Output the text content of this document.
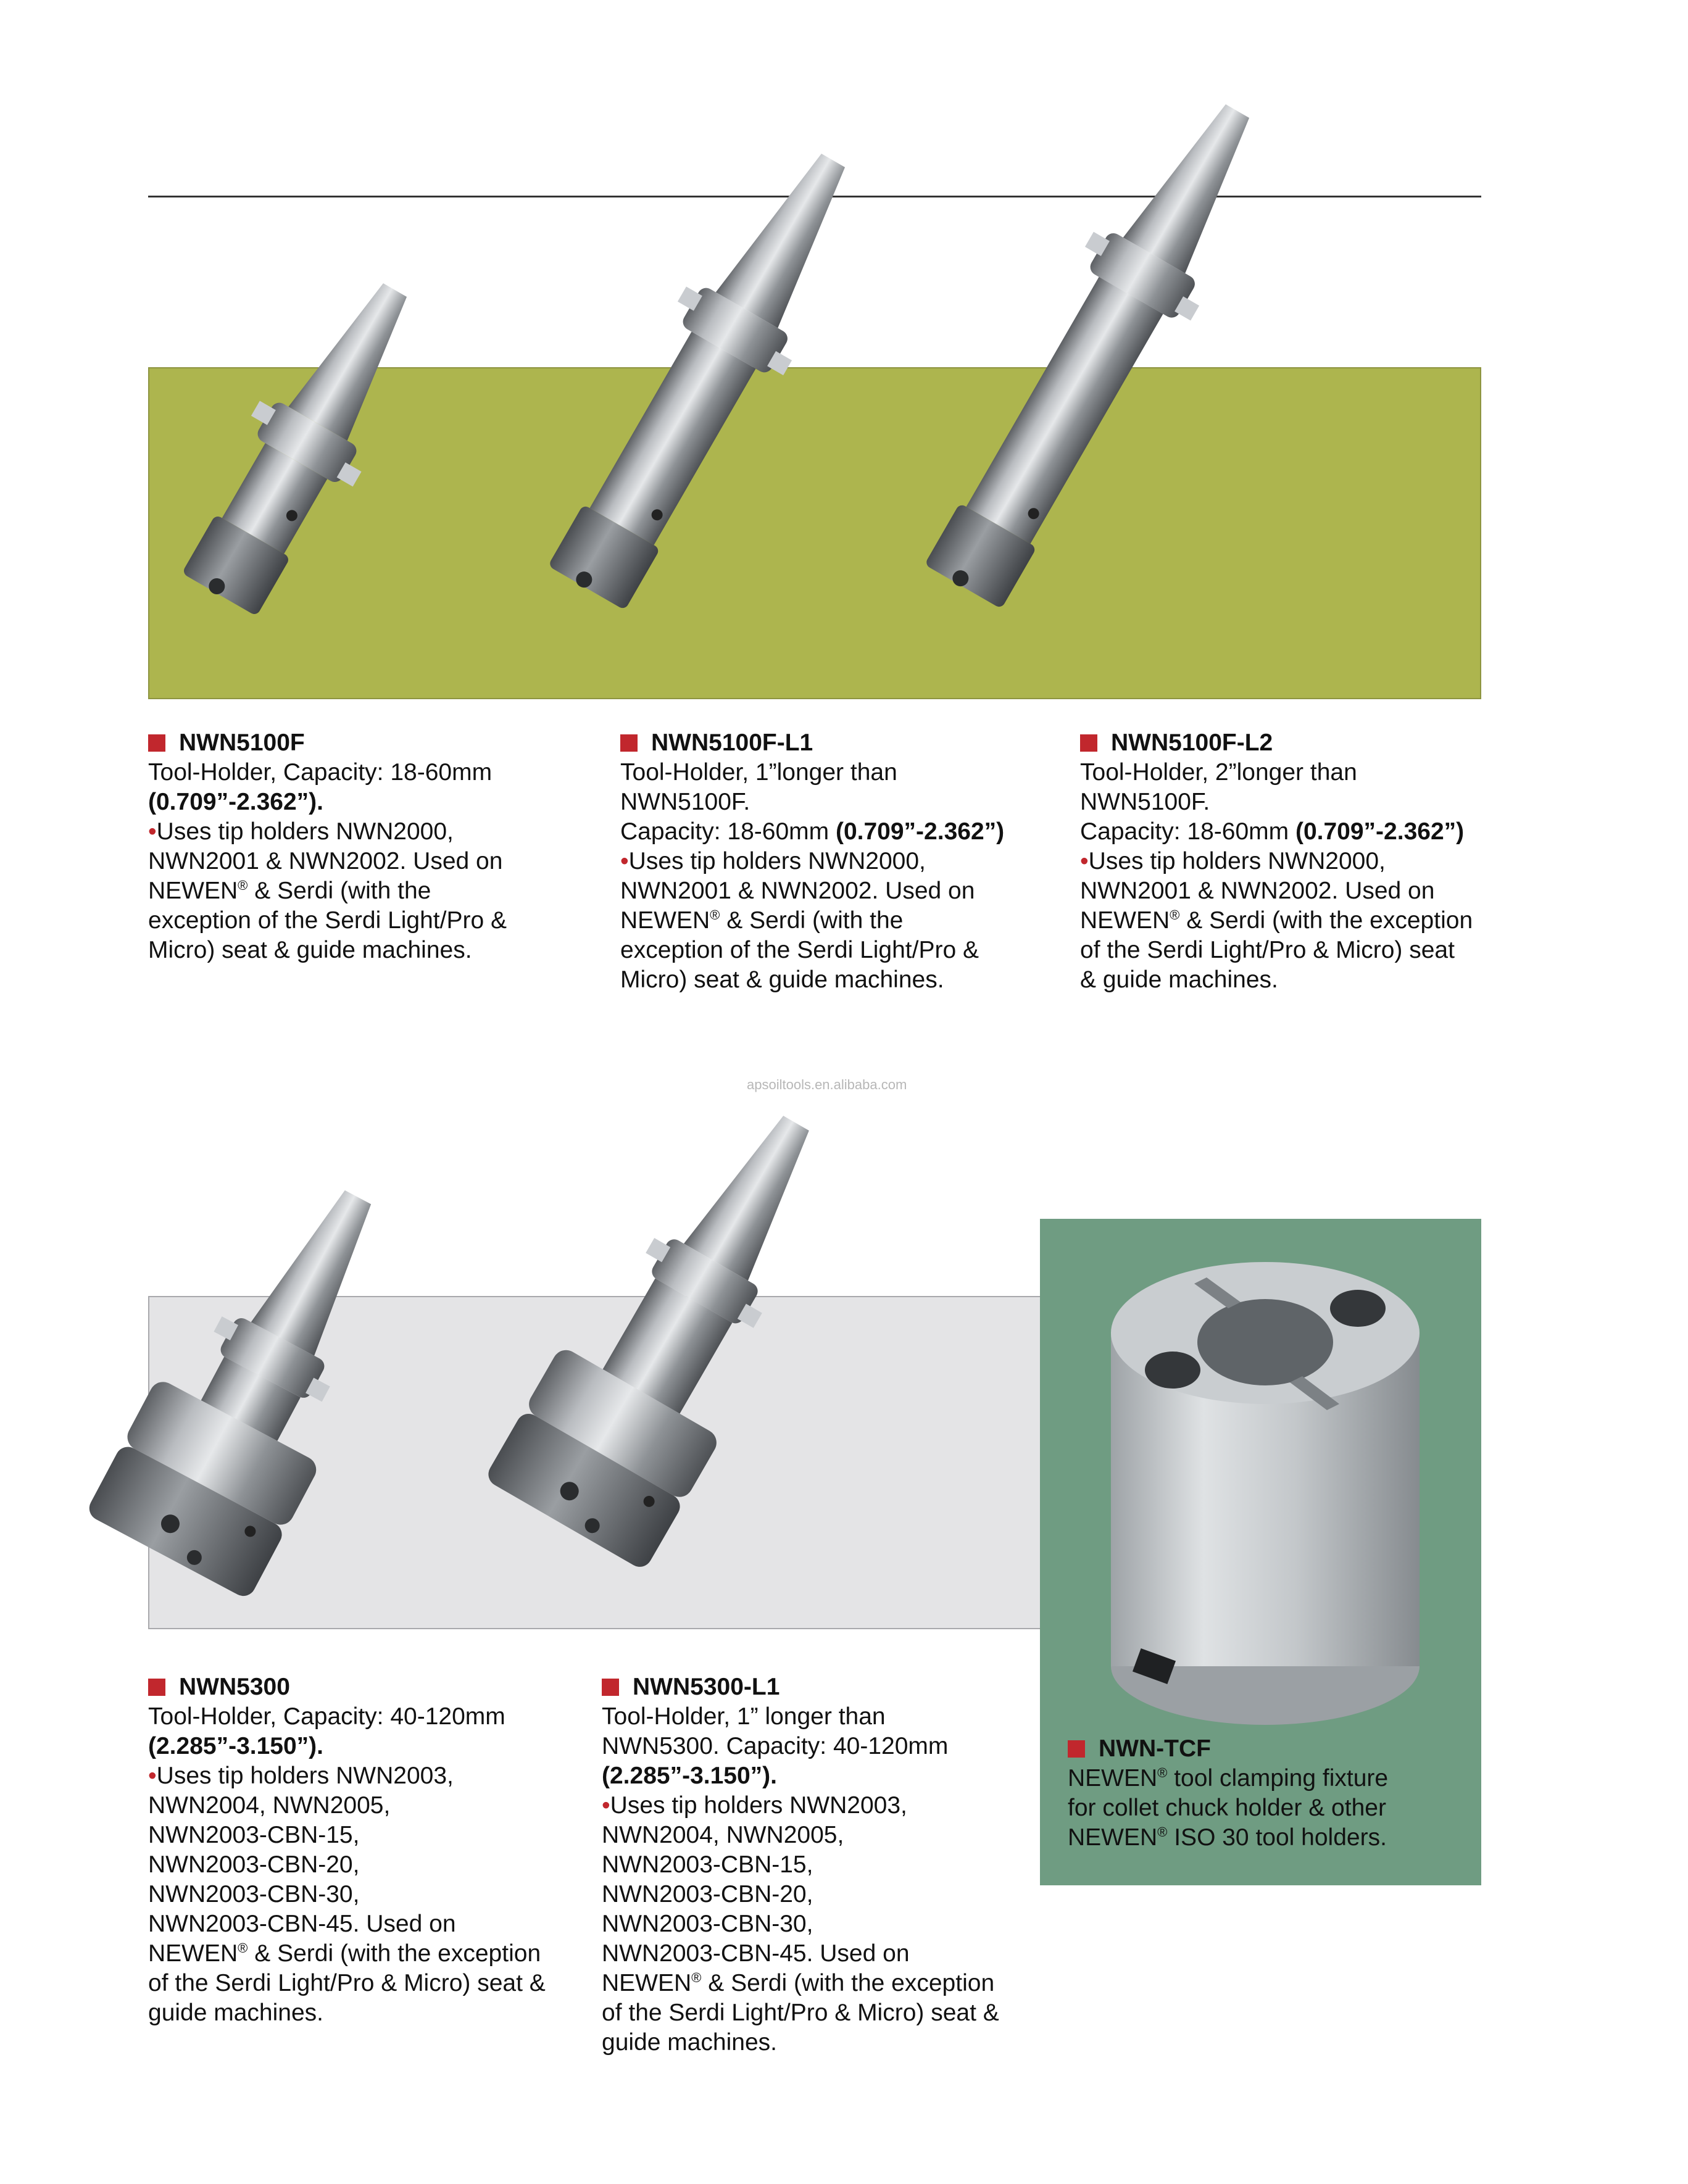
apsoiltools.en.alibaba.com
NWN5100F
Tool-Holder, Capacity: 18-60mm
(0.709”-2.362”).
•Uses tip holders NWN2000,
NWN2001 & NWN2002. Used on
NEWEN® & Serdi (with the
exception of the Serdi Light/Pro &
Micro) seat & guide machines.
NWN5100F-L1
Tool-Holder, 1”longer than
NWN5100F.
Capacity: 18-60mm (0.709”-2.362”)
•Uses tip holders NWN2000,
NWN2001 & NWN2002. Used on
NEWEN® & Serdi (with the
exception of the Serdi Light/Pro &
Micro) seat & guide machines.
NWN5100F-L2
Tool-Holder, 2”longer than
NWN5100F.
Capacity: 18-60mm (0.709”-2.362”)
•Uses tip holders NWN2000,
NWN2001 & NWN2002. Used on
NEWEN® & Serdi (with the exception
of the Serdi Light/Pro & Micro) seat
& guide machines.
NWN5300
Tool-Holder, Capacity: 40-120mm
(2.285”-3.150”).
•Uses tip holders NWN2003,
NWN2004, NWN2005,
NWN2003-CBN-15,
NWN2003-CBN-20,
NWN2003-CBN-30,
NWN2003-CBN-45. Used on
NEWEN® & Serdi (with the exception
of the Serdi Light/Pro & Micro) seat &
guide machines.
NWN5300-L1
Tool-Holder, 1” longer than
NWN5300. Capacity: 40-120mm
(2.285”-3.150”).
•Uses tip holders NWN2003,
NWN2004, NWN2005,
NWN2003-CBN-15,
NWN2003-CBN-20,
NWN2003-CBN-30,
NWN2003-CBN-45. Used on
NEWEN® & Serdi (with the exception
of the Serdi Light/Pro & Micro) seat &
guide machines.
NWN-TCF
NEWEN® tool clamping fixture
for collet chuck holder & other
NEWEN® ISO 30 tool holders.
